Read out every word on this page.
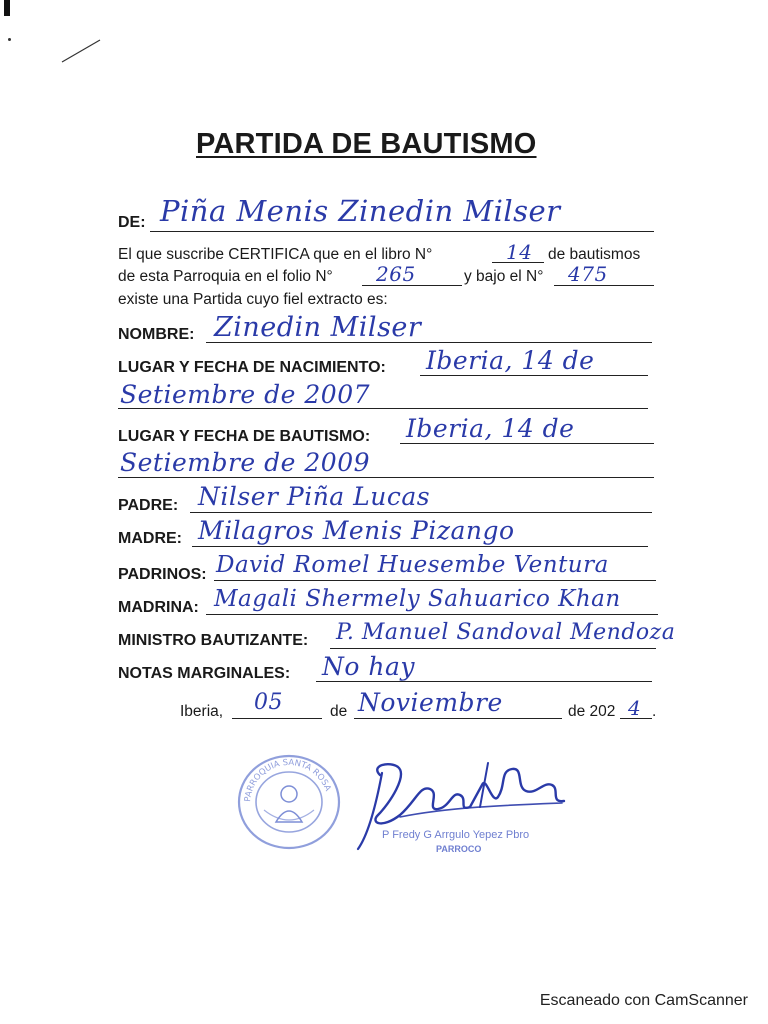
PARTIDA DE BAUTISMO
DE: Piña Menis Zinedin Milser
El que suscribe CERTIFICA que en el libro N°	14 de bautismos
de esta Parroquia en el folio N° 265	y bajo el N° 475
existe una Partida cuyo fiel extracto es:
NOMBRE: Zinedin Milser
LUGAR Y FECHA DE NACIMIENTO: Iberia, 14 de
Setiembre de 2007
LUGAR Y FECHA DE BAUTISMO: Iberia, 14 de
Setiembre de 2009
PADRE: Nilser Piña Lucas
MADRE: Milagros Menis Pizango
PADRINOS: David Romel Huesembe Ventura
MADRINA: Magali Shermely Sahuarico Khan
MINISTRO BAUTIZANTE: P. Manuel Sandoval Mendoza
NOTAS MARGINALES: No hay
Iberia, 05	de Noviembre	de 202 4 .
PARROQUIA SANTA ROSA
P Fredy G Arrgulo Yepez Pbro
PARROCO
Escaneado con CamScanner
